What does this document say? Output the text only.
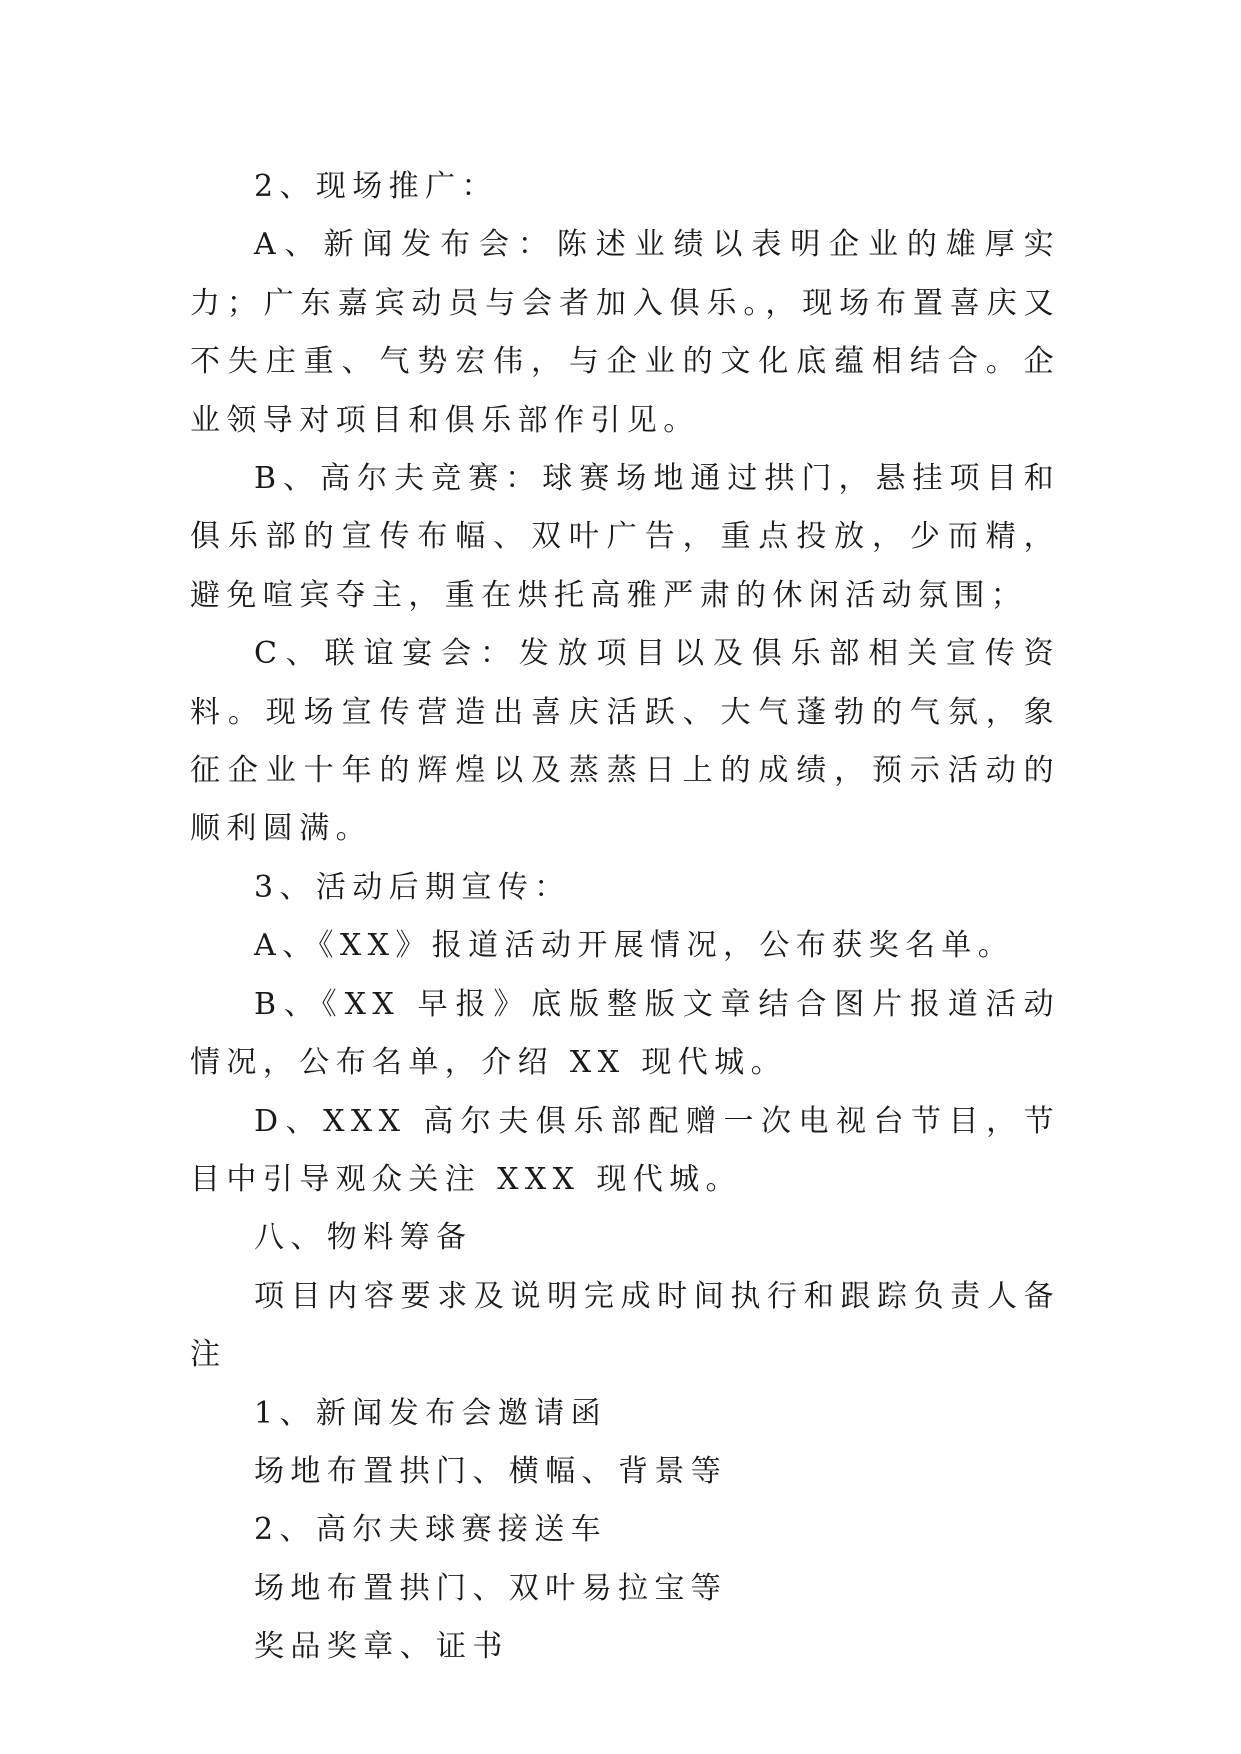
2、现场推广：

A、新闻发布会：陈述业绩以表明企业的雄厚实力；广东嘉宾动员与会者加入俱乐。，现场布置喜庆又不失庄重、气势宏伟，与企业的文化底蕴相结合。企业领导对项目和俱乐部作引见。

B、高尔夫竞赛：球赛场地通过拱门，悬挂项目和俱乐部的宣传布幅、双叶广告，重点投放，少而精，避免喧宾夺主，重在烘托高雅严肃的休闲活动氛围；

C、联谊宴会：发放项目以及俱乐部相关宣传资料。现场宣传营造出喜庆活跃、大气蓬勃的气氛，象征企业十年的辉煌以及蒸蒸日上的成绩，预示活动的顺利圆满。

3、活动后期宣传：

A、《XX》报道活动开展情况，公布获奖名单。

B、《XX 早报》底版整版文章结合图片报道活动情况，公布名单，介绍 XX 现代城。

D、XXX 高尔夫俱乐部配赠一次电视台节目，节目中引导观众关注 XXX 现代城。

八、物料筹备

项目内容要求及说明完成时间执行和跟踪负责人备注

1、新闻发布会邀请函

场地布置拱门、横幅、背景等

2、高尔夫球赛接送车

场地布置拱门、双叶易拉宝等

奖品奖章、证书
